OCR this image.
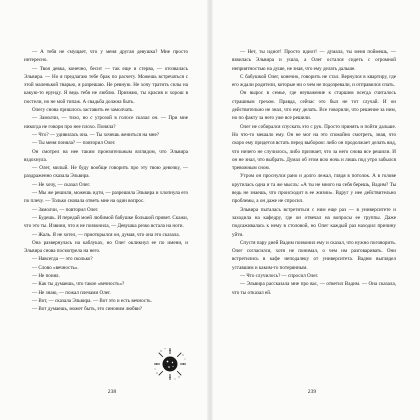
— А тебя не смущает, что у меня другая девушка? Мне просто интересно.

— Твоя девка, конечно, бесит — так еще и стерва, — отозвалась Эльвира. — Но я предлагаю тебе брак по расчету. Можешь встречаться с этой маленькой тварью, я разрешаю. Не ревную. Не хочу тратить силы на какую-то ерунду. Я ведь тебя не люблю. Признаю, ты красив и хорош в постели, но не мой типаж. А свадьба должна быть.

Олегу снова пришлось заставить ее замолчать.

— Замолчи, — тихо, но с угрозой в голосе сказал он. — При мне никогда не говори про нее плохо. Поняла?

— Что? — удивилась она. — Ты хочешь жениться на мне?

— Ты меня поняла? — повторил Олег.

Он смотрел на нее таким пронзительным взглядом, что Эльвира вздохнула.

— Олег, милый. Не буду вообще говорить про эту твою девочку, — раздраженно сказала Эльвира.

— Не хочу, — сказал Олег.

— Мы же решили, можешь идти, — разрешила Эльвира и хлопнула его по плечу. — Только сначала ответь мне на один вопрос.

— Замолчи, — повторил Олег.

— Будешь. И передай моей любимой бабушке большой привет. Скажи, что это ты. Извини, что я не позвонила, — Девушка резко встала на ноги.

— Жаль. Я не хотел, — приоткрылся он, думая, что она это сказала.

Она развернулась на каблуках, но Олег окликнул ее по имени, и Эльвира снова посмотрела на него.

— Навсегда — это сколько?

— Слово «вечность».

— Не понял.

— Как ты думаешь, что такое «вечность»?

— Не знаю, — пожал плечами Олег.

— Вот, — сказала Эльвира. — Вот это и есть вечность.

— Вот думаешь, может быть, это синоним любви?

238

— Нет, ты идиот! Просто идиот! — думала, ты меня поймешь, — взвилась Эльвира и ушла, а Олег остался сидеть с огромной неприятностью на душе, не зная, что ему делать дальше.

С бабушкой Олег, конечно, говорить не стал. Вернулся в квартиру, где его ждали родители, которые ни о чем не подозревали, и отправился спать.

Он вырос в семье, где неуважение к старшим всегда считалось страшным грехом. Правда, сейчас это был не тот случай. И он действительно не знал, что ему делать. Все говорили, что решение за ним, но по факту за него уже все решили.

Олег не собирался спускать это с рук. Просто принять и пойти дальше. Но что-то мешало ему. Он не мог на это спокойно смотреть, зная, что скоро ему придется встать перед выбором: либо он продолжает делать вид, что ничего не случилось, либо признает, что за него снова все решили. И он не знал, что выбрать. Думал об этом всю ночь и лишь под утро забылся тревожным сном.

Утром он проснулся рано и долго лежал, глядя в потолок. А в голове крутилась одна и та же мысль: «А ты не много на себя берешь, Вадим? Ты ведь не знаешь, что происходит в ее жизни». Вдруг у нее действительно проблемы, а он даже не спросил.

Эльвира пыталась встретиться с ним еще раз — в университете и заходила на кафедру, где он отвечал на вопросы ее группы. Даже подсаживалась к нему в столовой, но Олег каждый раз находил причину уйти.

Спустя пару дней Вадим позвонил ему и сказал, что нужно поговорить. Олег согласился, хотя не понимал, о чем им разговаривать. Они встретились в кафе неподалеку от университета. Вадим выглядел уставшим и каким-то потерянным.

— Что случилось? — спросил Олег.

— Эльвира рассказала мне про вас, — ответил Вадим. — Она сказала, что ты отказал ей.

239
